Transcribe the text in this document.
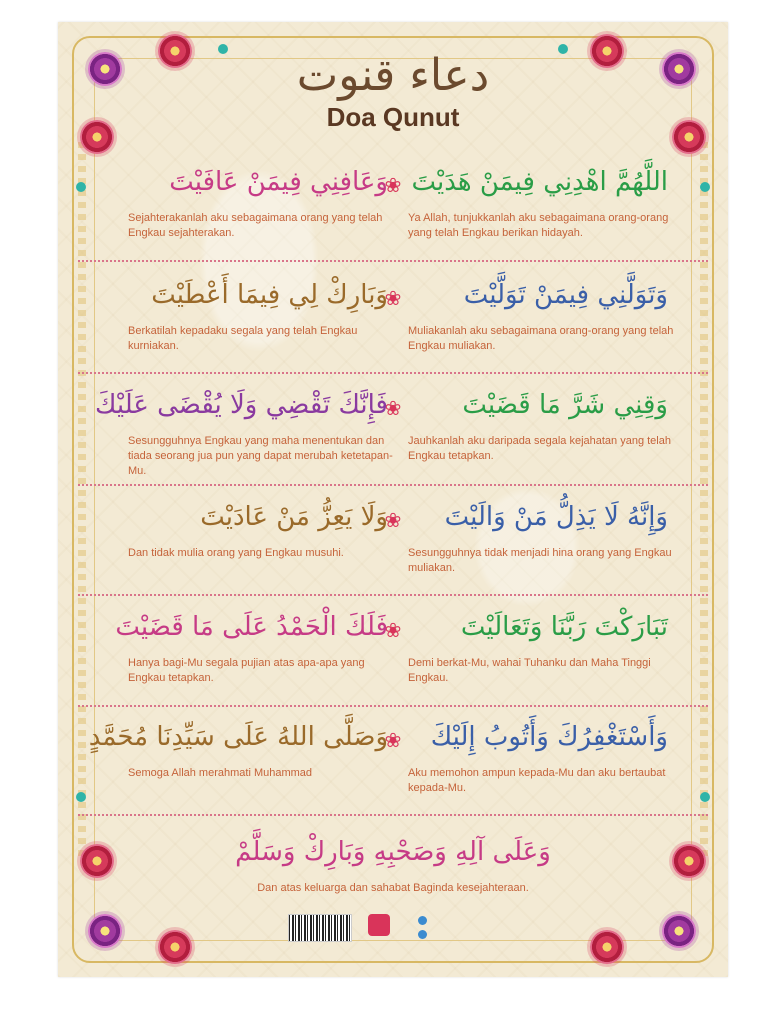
دعاء قنوت
Doa Qunut
اللَّهُمَّ اهْدِنِي فِيمَنْ هَدَيْتَ
❀
وَعَافِنِي فِيمَنْ عَافَيْتَ
Sejahterakanlah aku sebagaimana orang yang telah Engkau sejahterakan.
Ya Allah, tunjukkanlah aku sebagaimana orang-orang yang telah Engkau berikan hidayah.
وَتَوَلَّنِي فِيمَنْ تَوَلَّيْتَ
❀
وَبَارِكْ لِي فِيمَا أَعْطَيْتَ
Berkatilah kepadaku segala yang telah Engkau kurniakan.
Muliakanlah aku sebagaimana orang-orang yang telah Engkau muliakan.
وَقِنِي شَرَّ مَا قَضَيْتَ
❀
فَإِنَّكَ تَقْضِي وَلَا يُقْضَى عَلَيْكَ
Sesungguhnya Engkau yang maha menentukan dan tiada seorang jua pun yang dapat merubah ketetapan-Mu.
Jauhkanlah aku daripada segala kejahatan yang telah Engkau tetapkan.
وَإِنَّهُ لَا يَذِلُّ مَنْ وَالَيْتَ
❀
وَلَا يَعِزُّ مَنْ عَادَيْتَ
Dan tidak mulia orang yang Engkau musuhi.	Sesungguhnya tidak menjadi hina orang yang Engkau muliakan.
تَبَارَكْتَ رَبَّنَا وَتَعَالَيْتَ
❀
فَلَكَ الْحَمْدُ عَلَى مَا قَضَيْتَ
Hanya bagi-Mu segala pujian atas apa-apa yang Engkau tetapkan.
Demi berkat-Mu, wahai Tuhanku dan Maha Tinggi Engkau.
وَأَسْتَغْفِرُكَ وَأَتُوبُ إِلَيْكَ
❀
وَصَلَّى اللهُ عَلَى سَيِّدِنَا مُحَمَّدٍ
Semoga Allah merahmati Muhammad	Aku memohon ampun kepada-Mu dan aku bertaubat kepada-Mu.
وَعَلَى آلِهِ وَصَحْبِهِ وَبَارِكْ وَسَلَّمْ
Dan atas keluarga dan sahabat Baginda kesejahteraan.
